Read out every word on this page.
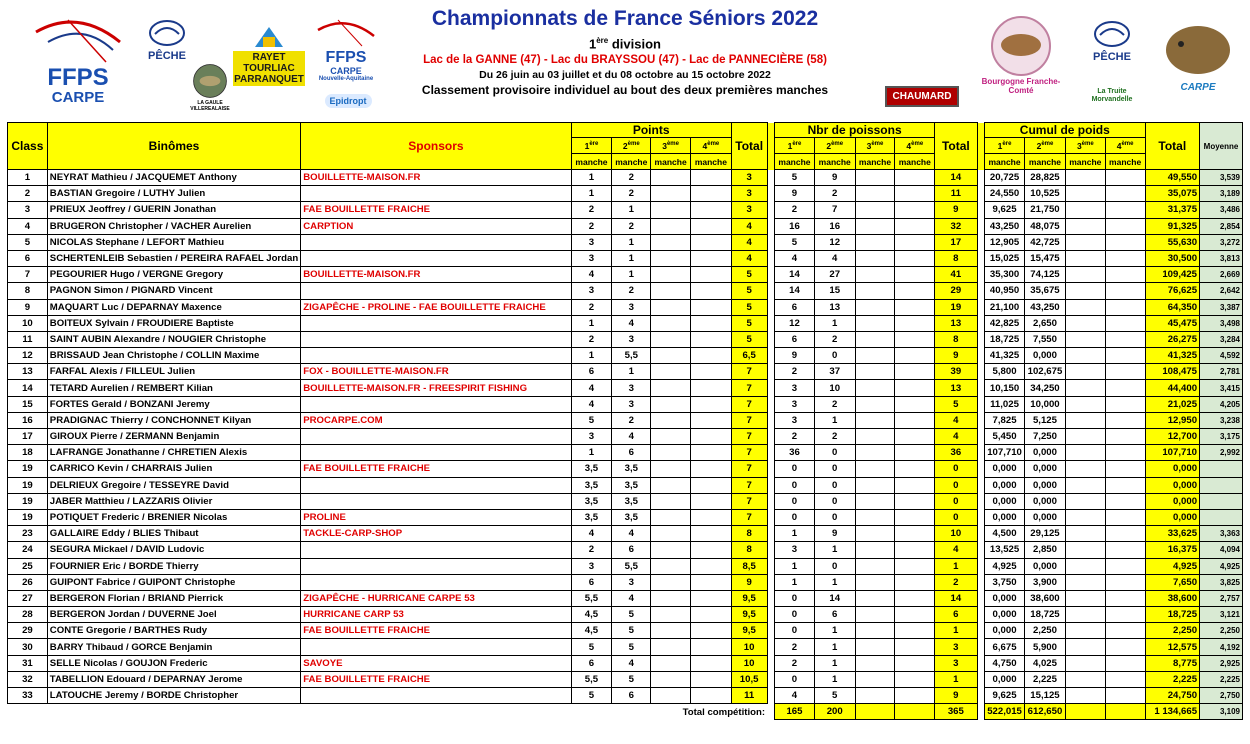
FFPS
CARPE
PÊCHE
LA GAULE VILLEREALAISE
RAYET TOURLIAC PARRANQUET
FFPS
CARPE
Nouvelle-Aquitaine
Epidropt
Championnats de France Séniors 2022
1ère division
Lac de la GANNE (47) - Lac du BRAYSSOU (47) - Lac de PANNECIÈRE (58)
Du 26 juin au 03 juillet et du 08 octobre au 15 octobre 2022
Classement provisoire individuel au bout des deux premières manches	CHAUMARD
Bourgogne Franche-Comté
PÊCHE
La Truite Morvandelle
CARPE
Class	Binômes	Sponsors	Points				Total		Nbr de poissons				Total		Cumul de poids				Total	Moyenne
			1ère	2ème	3ème	4ème			1ère	2ème	3ème	4ème			1ère	2ème	3ème	4ème
			manche	manche	manche	manche			manche	manche	manche	manche			manche	manche	manche	manche		
1	NEYRAT Mathieu / JACQUEMET Anthony	BOUILLETTE-MAISON.FR	1	2			3		5	9			14		20,725	28,825			49,550	3,539
2	BASTIAN Gregoire / LUTHY Julien		1	2			3		9	2			11		24,550	10,525			35,075	3,189
3	PRIEUX Jeoffrey / GUERIN Jonathan	FAE BOUILLETTE FRAICHE	2	1			3		2	7			9		9,625	21,750			31,375	3,486
4	BRUGERON Christopher / VACHER Aurelien	CARPTION	2	2			4		16	16			32		43,250	48,075			91,325	2,854
5	NICOLAS Stephane / LEFORT Mathieu		3	1			4		5	12			17		12,905	42,725			55,630	3,272
6	SCHERTENLEIB Sebastien / PEREIRA RAFAEL Jordan		3	1			4		4	4			8		15,025	15,475			30,500	3,813
7	PEGOURIER Hugo / VERGNE Gregory	BOUILLETTE-MAISON.FR	4	1			5		14	27			41		35,300	74,125			109,425	2,669
8	PAGNON Simon / PIGNARD Vincent		3	2			5		14	15			29		40,950	35,675			76,625	2,642
9	MAQUART Luc / DEPARNAY Maxence	ZIGAPÊCHE - PROLINE - FAE BOUILLETTE FRAICHE	2	3			5		6	13			19		21,100	43,250			64,350	3,387
10	BOITEUX Sylvain / FROUDIERE Baptiste		1	4			5		12	1			13		42,825	2,650			45,475	3,498
11	SAINT AUBIN Alexandre / NOUGIER Christophe		2	3			5		6	2			8		18,725	7,550			26,275	3,284
12	BRISSAUD Jean Christophe / COLLIN Maxime		1	5,5			6,5		9	0			9		41,325	0,000			41,325	4,592
13	FARFAL Alexis / FILLEUL Julien	FOX - BOUILLETTE-MAISON.FR	6	1			7		2	37			39		5,800	102,675			108,475	2,781
14	TETARD Aurelien / REMBERT Kilian	BOUILLETTE-MAISON.FR - FREESPIRIT FISHING	4	3			7		3	10			13		10,150	34,250			44,400	3,415
15	FORTES Gerald / BONZANI Jeremy		4	3			7		3	2			5		11,025	10,000			21,025	4,205
16	PRADIGNAC Thierry / CONCHONNET Kilyan	PROCARPE.COM	5	2			7		3	1			4		7,825	5,125			12,950	3,238
17	GIROUX Pierre / ZERMANN Benjamin		3	4			7		2	2			4		5,450	7,250			12,700	3,175
18	LAFRANGE Jonathanne / CHRETIEN Alexis		1	6			7		36	0			36		107,710	0,000			107,710	2,992
19	CARRICO Kevin / CHARRAIS Julien	FAE BOUILLETTE FRAICHE	3,5	3,5			7		0	0			0		0,000	0,000			0,000	
19	DELRIEUX Gregoire / TESSEYRE David		3,5	3,5			7		0	0			0		0,000	0,000			0,000	
19	JABER Matthieu / LAZZARIS Olivier		3,5	3,5			7		0	0			0		0,000	0,000			0,000	
19	POTIQUET Frederic / BRENIER Nicolas	PROLINE	3,5	3,5			7		0	0			0		0,000	0,000			0,000	
23	GALLAIRE Eddy / BLIES Thibaut	TACKLE-CARP-SHOP	4	4			8		1	9			10		4,500	29,125			33,625	3,363
24	SEGURA Mickael / DAVID Ludovic		2	6			8		3	1			4		13,525	2,850			16,375	4,094
25	FOURNIER Eric / BORDE Thierry		3	5,5			8,5		1	0			1		4,925	0,000			4,925	4,925
26	GUIPONT Fabrice / GUIPONT Christophe		6	3			9		1	1			2		3,750	3,900			7,650	3,825
27	BERGERON Florian / BRIAND Pierrick	ZIGAPÊCHE - HURRICANE CARPE 53	5,5	4			9,5		0	14			14		0,000	38,600			38,600	2,757
28	BERGERON Jordan / DUVERNE Joel	HURRICANE CARP 53	4,5	5			9,5		0	6			6		0,000	18,725			18,725	3,121
29	CONTE Gregorie / BARTHES Rudy	FAE BOUILLETTE FRAICHE	4,5	5			9,5		0	1			1		0,000	2,250			2,250	2,250
30	BARRY Thibaud / GORCE Benjamin		5	5			10		2	1			3		6,675	5,900			12,575	4,192
31	SELLE Nicolas / GOUJON Frederic	SAVOYE	6	4			10		2	1			3		4,750	4,025			8,775	2,925
32	TABELLION Edouard / DEPARNAY Jerome	FAE BOUILLETTE FRAICHE	5,5	5			10,5		0	1			1		0,000	2,225			2,225	2,225
33	LATOUCHE Jeremy / BORDE Christopher		5	6			11		4	5			9		9,625	15,125			24,750	2,750
Total compétition:									165	200			365		522,015	612,650			1 134,665	3,109
